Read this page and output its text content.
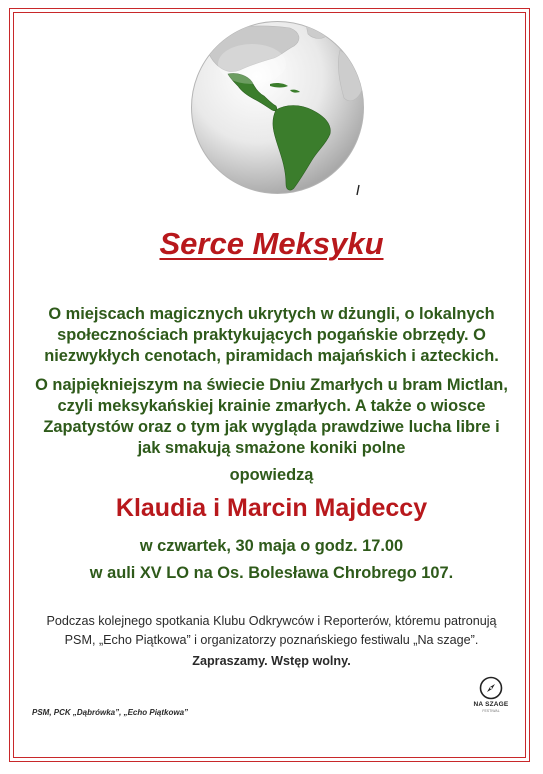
Serce Meksyku
O miejscach magicznych ukrytych w dżungli, o lokalnych społecznościach praktykujących pogańskie obrzędy. O niezwykłych cenotach, piramidach majańskich i azteckich.
O najpiękniejszym na świecie Dniu Zmarłych u bram Mictlan, czyli meksykańskiej krainie zmarłych. A także o wiosce Zapatystów oraz o tym jak wygląda prawdziwe lucha libre i jak smakują smażone koniki polne
opowiedzą
Klaudia i Marcin Majdeccy
w czwartek, 30 maja o godz. 17.00
w auli XV LO na Os. Bolesława Chrobrego 107.
Podczas kolejnego spotkania Klubu Odkrywców i Reporterów, któremu patronują PSM, „Echo Piątkowa” i organizatorzy poznańskiego festiwalu „Na szage”.
Zapraszamy. Wstęp wolny.
PSM, PCK „Dąbrówka”, „Echo Piątkowa”
NA SZAGE
FESTIWAL
